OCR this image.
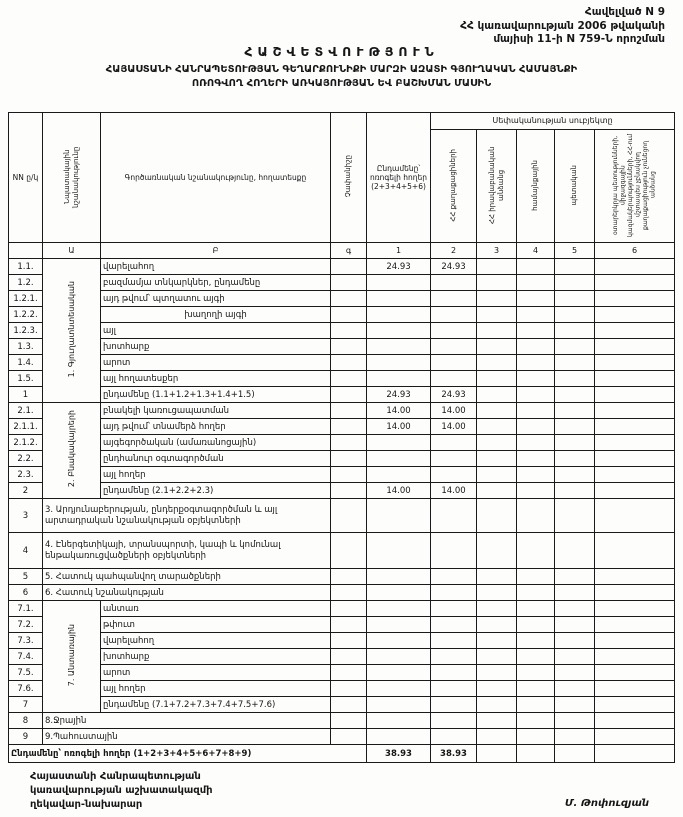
Հավելված N 9
ՀՀ կառավարության 2006 թվականի
մայիսի 11-ի N 759-Ն որոշման
ՀԱՇՎԵՏՎՈՒԹՅՈՒՆ
ՀԱՅԱՍՏԱՆԻ ՀԱՆՐԱՊԵՏՈՒԹՅԱՆ ԳԵՂԱՐՔՈՒՆԻՔԻ ՄԱՐԶԻ ԱԶԱՏԻ ԳՅՈՒՂԱԿԱՆ ՀԱՄԱՅՆՔԻ
ՈՌՈԳՎՈՂ ՀՈՂԵՐԻ ԱՌԿԱՅՈՒԹՅԱՆ ԵՎ ԲԱՇԽՄԱՆ ՄԱՍԻՆ
NN ը/կ	Նպատակային նշանակությունը	Գործառնական նշանակությունը, հողատեսքը	Չափանիշը	Ընդամենը՝ ոռոգելի հողեր (2+3+4+5+6)	Սեփականության սուբյեկտը				
					ՀՀ քաղաքացիների	ՀՀ իրավաբանական անձանց	համայնքային	պետական	օտարերկրյա պետությունների, միջազգային կազմակերպությունների, ՀՀ-ում մշտապես չբնակվող քաղաքացիություն չունեցող անձանց
	Ա	Բ	գ	1	2	3	4	5	6
1.1.	1. Գյուղատնտեսական	վարելահող		24.93	24.93				
1.2.		բազմամյա տնկարկներ, ընդամենը							
1.2.1.		այդ թվում՝ պտղատու այգի							
1.2.2.		խաղողի այգի							
1.2.3.		այլ							
1.3.		խոտհարք							
1.4.		արոտ							
1.5.		այլ հողատեսքեր							
1		ընդամենը (1.1+1.2+1.3+1.4+1.5)		24.93	24.93				
2.1.	2. Բնակավայրերի	բնակելի կառուցապատման		14.00	14.00				
2.1.1.		այդ թվում՝ տնամերձ հողեր		14.00	14.00				
2.1.2.		այգեգործական (ամառանոցային)							
2.2.		ընդհանուր օգտագործման							
2.3.		այլ հողեր							
2		ընդամենը (2.1+2.2+2.3)		14.00	14.00				
3	3. Արդյունաբերության, ընդերքօգտագործման և այլ արտադրական նշանակության օբյեկտների								
4	4. Էներգետիկայի, տրանսպորտի, կապի և կոմունալ ենթակառուցվածքների օբյեկտների								
5	5. Հատուկ պահպանվող տարածքների								
6	6. Հատուկ նշանակության								
7.1.	7. Անտառային	անտառ							
7.2.		թփուտ							
7.3.		վարելահող							
7.4.		խոտհարք							
7.5.		արոտ							
7.6.		այլ հողեր							
7		ընդամենը (7.1+7.2+7.3+7.4+7.5+7.6)							
8	8.Ջրային								
9	9.Պահուստային								
Ընդամենը՝ ոռոգելի հողեր (1+2+3+4+5+6+7+8+9)				38.93	38.93				
Հայաստանի Հանրապետության
կառավարության աշխատակազմի
ղեկավար-նախարար	Մ. Թոփուզյան
